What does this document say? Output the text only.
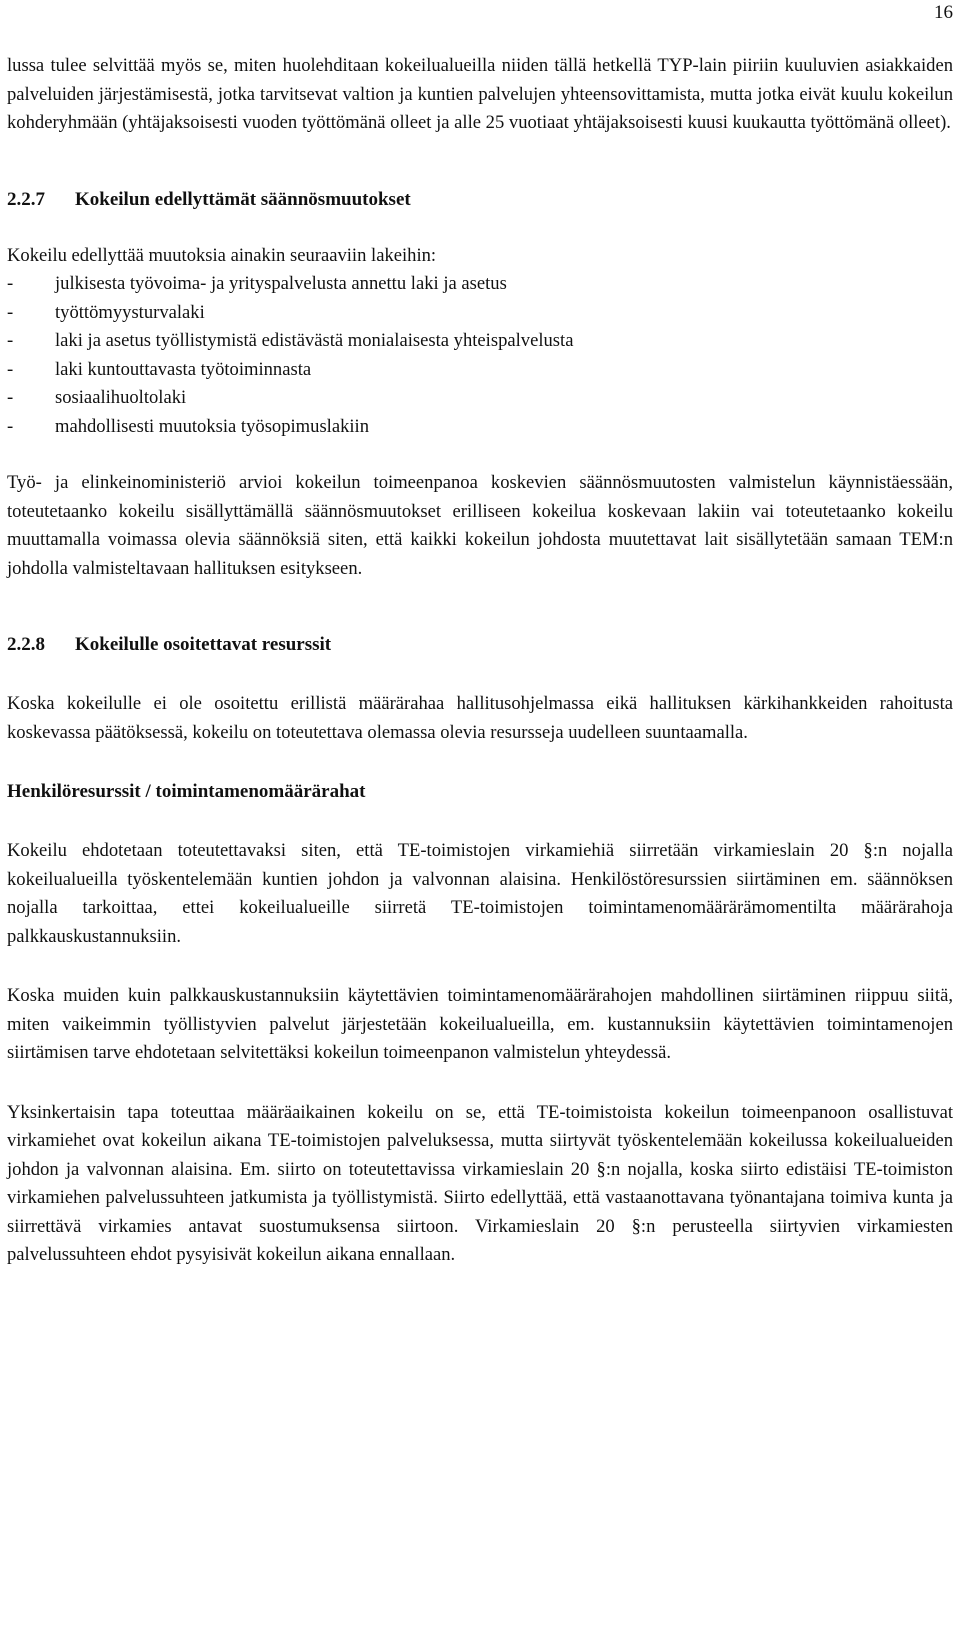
16

lussa tulee selvittää myös se, miten huolehditaan kokeilualueilla niiden tällä hetkellä TYP-lain piiriin kuuluvien asiakkaiden palveluiden järjestämisestä, jotka tarvitsevat valtion ja kuntien palvelujen yhteensovittamista, mutta jotka eivät kuulu kokeilun kohderyhmään (yhtäjaksoisesti vuoden työttömänä olleet ja alle 25 vuotiaat yhtäjaksoisesti kuusi kuukautta työttömänä olleet).

2.2.7 Kokeilun edellyttämät säännösmuutokset

Kokeilu edellyttää muutoksia ainakin seuraaviin lakeihin:

- julkisesta työvoima- ja yrityspalvelusta annettu laki ja asetus
- työttömyysturvalaki
- laki ja asetus työllistymistä edistävästä monialaisesta yhteispalvelusta
- laki kuntouttavasta työtoiminnasta
- sosiaalihuoltolaki
- mahdollisesti muutoksia työsopimuslakiin

Työ- ja elinkeinoministeriö arvioi kokeilun toimeenpanoa koskevien säännösmuutosten valmistelun käynnistäessään, toteutetaanko kokeilu sisällyttämällä säännösmuutokset erilliseen kokeilua koskevaan lakiin vai toteutetaanko kokeilu muuttamalla voimassa olevia säännöksiä siten, että kaikki kokeilun johdosta muutettavat lait sisällytetään samaan TEM:n johdolla valmisteltavaan hallituksen esitykseen.

2.2.8 Kokeilulle osoitettavat resurssit

Koska kokeilulle ei ole osoitettu erillistä määrärahaa hallitusohjelmassa eikä hallituksen kärkihankkeiden rahoitusta koskevassa päätöksessä, kokeilu on toteutettava olemassa olevia resursseja uudelleen suuntaamalla.

Henkilöresurssit / toimintamenomäärärahat

Kokeilu ehdotetaan toteutettavaksi siten, että TE-toimistojen virkamiehiä siirretään virkamieslain 20 §:n nojalla kokeilualueilla työskentelemään kuntien johdon ja valvonnan alaisina. Henkilöstöresurssien siirtäminen em. säännöksen nojalla tarkoittaa, ettei kokeilualueille siirretä TE-toimistojen toimintamenomäärärämomentilta määrärahoja palkkauskustannuksiin.

Koska muiden kuin palkkauskustannuksiin käytettävien toimintamenomäärärahojen mahdollinen siirtäminen riippuu siitä, miten vaikeimmin työllistyvien palvelut järjestetään kokeilualueilla, em. kustannuksiin käytettävien toimintamenojen siirtämisen tarve ehdotetaan selvitettäksi kokeilun toimeenpanon valmistelun yhteydessä.

Yksinkertaisin tapa toteuttaa määräaikainen kokeilu on se, että TE-toimistoista kokeilun toimeenpanoon osallistuvat virkamiehet ovat kokeilun aikana TE-toimistojen palveluksessa, mutta siirtyvät työskentelemään kokeilussa kokeilualueiden johdon ja valvonnan alaisina. Em. siirto on toteutettavissa virkamieslain 20 §:n nojalla, koska siirto edistäisi TE-toimiston virkamiehen palvelussuhteen jatkumista ja työllistymistä. Siirto edellyttää, että vastaanottavana työnantajana toimiva kunta ja siirrettävä virkamies antavat suostumuksensa siirtoon. Virkamieslain 20 §:n perusteella siirtyvien virkamiesten palvelussuhteen ehdot pysyisivät kokeilun aikana ennallaan.
